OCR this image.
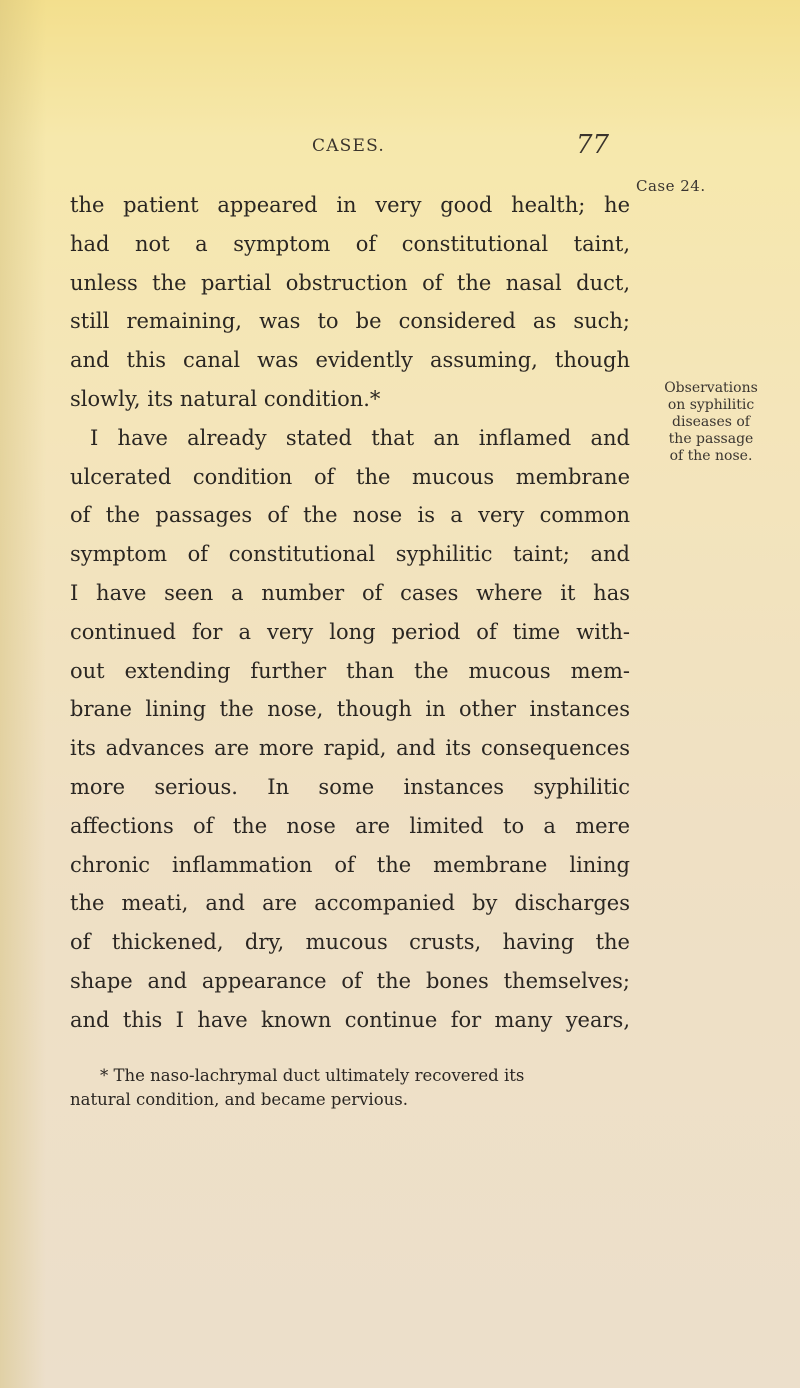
CASES.	77
Case 24.
Observations
on syphilitic
diseases of
the passage
of the nose.
the patient appeared in very good health; he
had not a symptom of constitutional taint,
unless the partial obstruction of the nasal duct,
still remaining, was to be considered as such;
and this canal was evidently assuming, though
slowly, its natural condition.*
I have already stated that an inflamed and
ulcerated condition of the mucous membrane
of the passages of the nose is a very common
symptom of constitutional syphilitic taint; and
I have seen a number of cases where it has
continued for a very long period of time with-
out extending further than the mucous mem-
brane lining the nose, though in other instances
its advances are more rapid, and its consequences
more serious. In some instances syphilitic
affections of the nose are limited to a mere
chronic inflammation of the membrane lining
the meati, and are accompanied by discharges
of thickened, dry, mucous crusts, having the
shape and appearance of the bones themselves;
and this I have known continue for many years,
* The naso-lachrymal duct ultimately recovered its
natural condition, and became pervious.
